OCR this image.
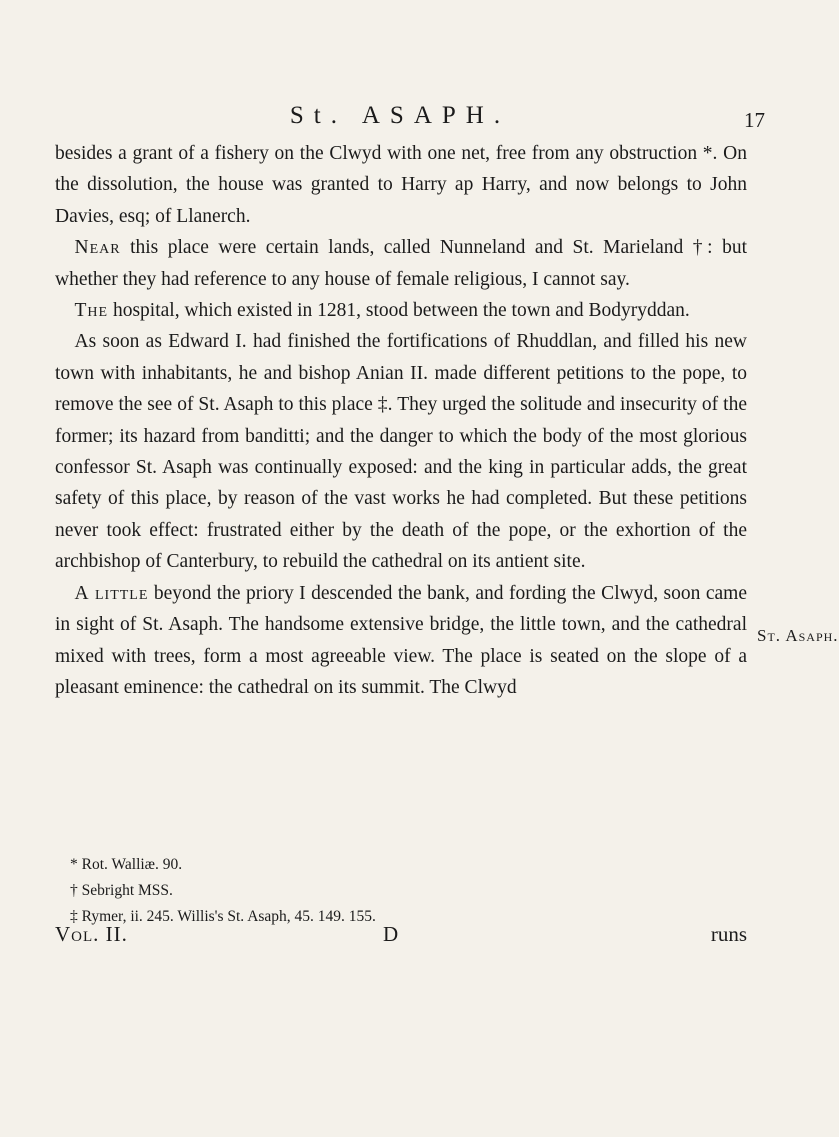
St. ASAPH.	17

besides a grant of a fishery on the Clwyd with one net, free from any obstruction *. On the dissolution, the house was granted to Harry ap Harry, and now belongs to John Davies, esq; of Llanerch.

Near this place were certain lands, called Nunneland and St. Marieland †: but whether they had reference to any house of female religious, I cannot say.

The hospital, which existed in 1281, stood between the town and Bodyryddan.

As soon as Edward I. had finished the fortifications of Rhuddlan, and filled his new town with inhabitants, he and bishop Anian II. made different petitions to the pope, to remove the see of St. Asaph to this place ‡. They urged the solitude and insecurity of the former; its hazard from banditti; and the danger to which the body of the most glorious confessor St. Asaph was continually exposed: and the king in particular adds, the great safety of this place, by reason of the vast works he had completed. But these petitions never took effect: frustrated either by the death of the pope, or the exhortion of the archbishop of Canterbury, to rebuild the cathedral on its antient site.

A little beyond the priory I descended the bank, and fording the Clwyd, soon came in sight of St. Asaph. The handsome extensive bridge, the little town, and the cathedral mixed with trees, form a most agreeable view. The place is seated on the slope of a pleasant eminence: the cathedral on its summit. The Clwyd

St. Asaph.
* Rot. Walliæ. 90.
† Sebright MSS.
‡ Rymer, ii. 245. Willis's St. Asaph, 45. 149. 155.
Vol. II.	D	runs
